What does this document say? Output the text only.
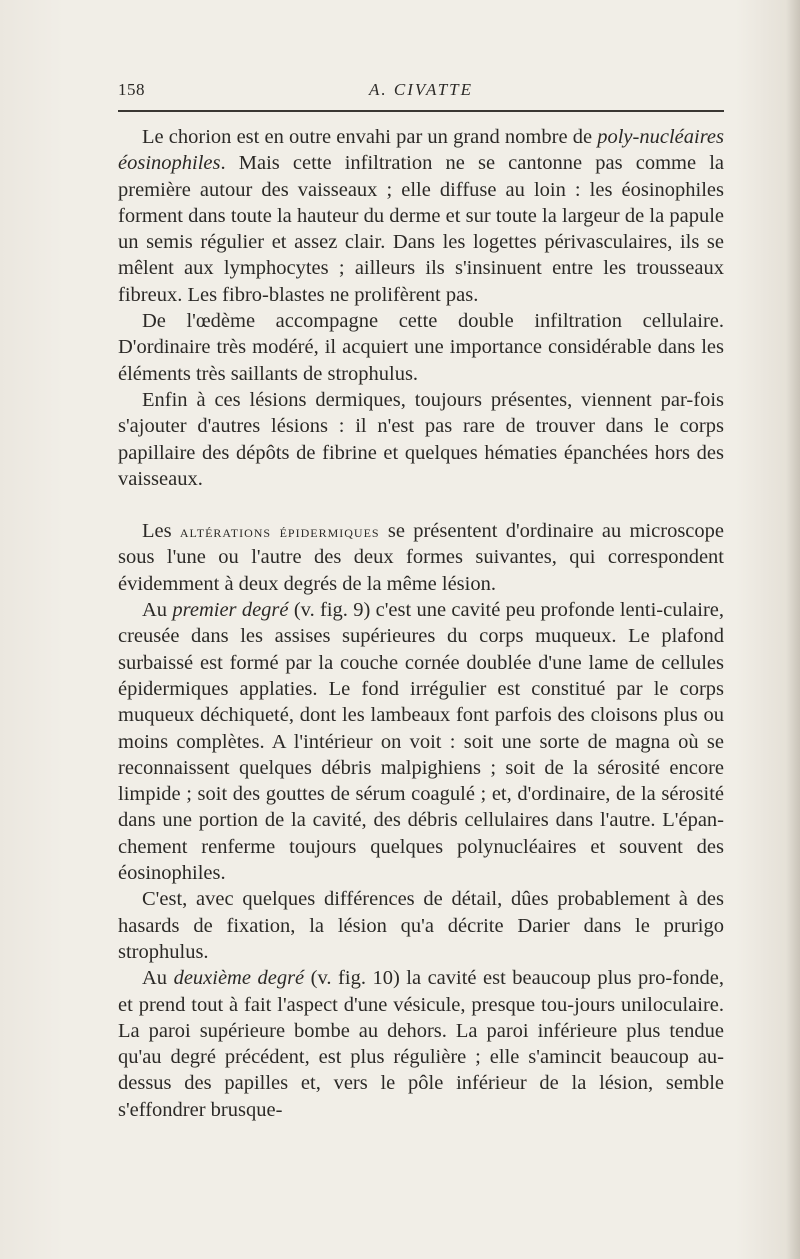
158	A. CIVATTE

Le chorion est en outre envahi par un grand nombre de poly-nucléaires éosinophiles. Mais cette infiltration ne se cantonne pas comme la première autour des vaisseaux ; elle diffuse au loin : les éosinophiles forment dans toute la hauteur du derme et sur toute la largeur de la papule un semis régulier et assez clair. Dans les logettes périvasculaires, ils se mêlent aux lymphocytes ; ailleurs ils s'insinuent entre les trousseaux fibreux. Les fibro-blastes ne prolifèrent pas.

De l'œdème accompagne cette double infiltration cellulaire. D'ordinaire très modéré, il acquiert une importance considérable dans les éléments très saillants de strophulus.

Enfin à ces lésions dermiques, toujours présentes, viennent par-fois s'ajouter d'autres lésions : il n'est pas rare de trouver dans le corps papillaire des dépôts de fibrine et quelques hématies épanchées hors des vaisseaux.

Les altérations épidermiques se présentent d'ordinaire au microscope sous l'une ou l'autre des deux formes suivantes, qui correspondent évidemment à deux degrés de la même lésion.

Au premier degré (v. fig. 9) c'est une cavité peu profonde lenti-culaire, creusée dans les assises supérieures du corps muqueux. Le plafond surbaissé est formé par la couche cornée doublée d'une lame de cellules épidermiques applaties. Le fond irrégulier est constitué par le corps muqueux déchiqueté, dont les lambeaux font parfois des cloisons plus ou moins complètes. A l'intérieur on voit : soit une sorte de magna où se reconnaissent quelques débris malpighiens ; soit de la sérosité encore limpide ; soit des gouttes de sérum coagulé ; et, d'ordinaire, de la sérosité dans une portion de la cavité, des débris cellulaires dans l'autre. L'épan-chement renferme toujours quelques polynucléaires et souvent des éosinophiles.

C'est, avec quelques différences de détail, dûes probablement à des hasards de fixation, la lésion qu'a décrite Darier dans le prurigo strophulus.

Au deuxième degré (v. fig. 10) la cavité est beaucoup plus pro-fonde, et prend tout à fait l'aspect d'une vésicule, presque tou-jours uniloculaire. La paroi supérieure bombe au dehors. La paroi inférieure plus tendue qu'au degré précédent, est plus régulière ; elle s'amincit beaucoup au-dessus des papilles et, vers le pôle inférieur de la lésion, semble s'effondrer brusque-
